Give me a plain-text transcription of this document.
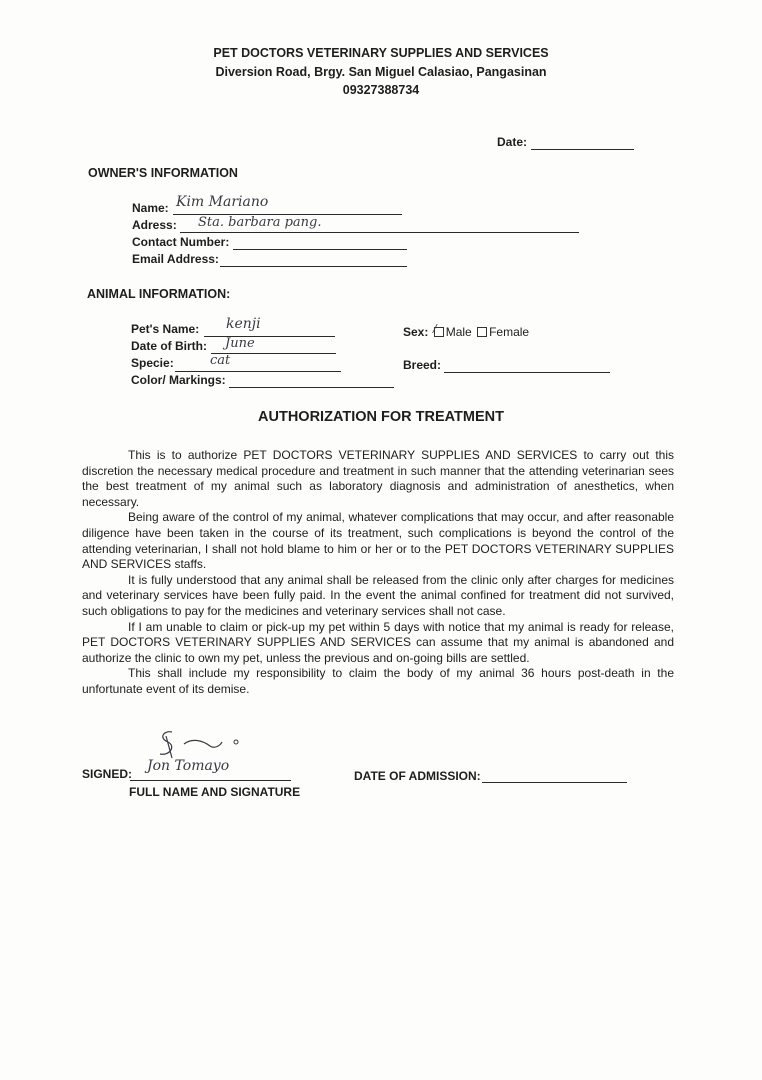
PET DOCTORS VETERINARY SUPPLIES AND SERVICES
Diversion Road, Brgy. San Miguel Calasiao, Pangasinan
09327388734
Date:
OWNER'S INFORMATION
Name: Kim Mariano
Adress: Sta. barbara pang.
Contact Number:
Email Address:
ANIMAL INFORMATION:
Pet's Name: kenji
Date of Birth: June
Specie:	cat
Color/ Markings:
Sex: Male Female
∕
Breed:
AUTHORIZATION FOR TREATMENT

This is to authorize PET DOCTORS VETERINARY SUPPLIES AND SERVICES to carry out this discretion the necessary medical procedure and treatment in such manner that the attending veterinarian sees the best treatment of my animal such as laboratory diagnosis and administration of anesthetics, when necessary.

Being aware of the control of my animal, whatever complications that may occur, and after reasonable diligence have been taken in the course of its treatment, such complications is beyond the control of the attending veterinarian, I shall not hold blame to him or her or to the PET DOCTORS VETERINARY SUPPLIES AND SERVICES staffs.

It is fully understood that any animal shall be released from the clinic only after charges for medicines and veterinary services have been fully paid. In the event the animal confined for treatment did not survived, such obligations to pay for the medicines and veterinary services shall not case.

If I am unable to claim or pick-up my pet within 5 days with notice that my animal is ready for release, PET DOCTORS VETERINARY SUPPLIES AND SERVICES can assume that my animal is abandoned and authorize the clinic to own my pet, unless the previous and on-going bills are settled.

This shall include my responsibility to claim the body of my animal 36 hours post-death in the unfortunate event of its demise.

SIGNED: Jon Tomayo
FULL NAME AND SIGNATURE
DATE OF ADMISSION:
